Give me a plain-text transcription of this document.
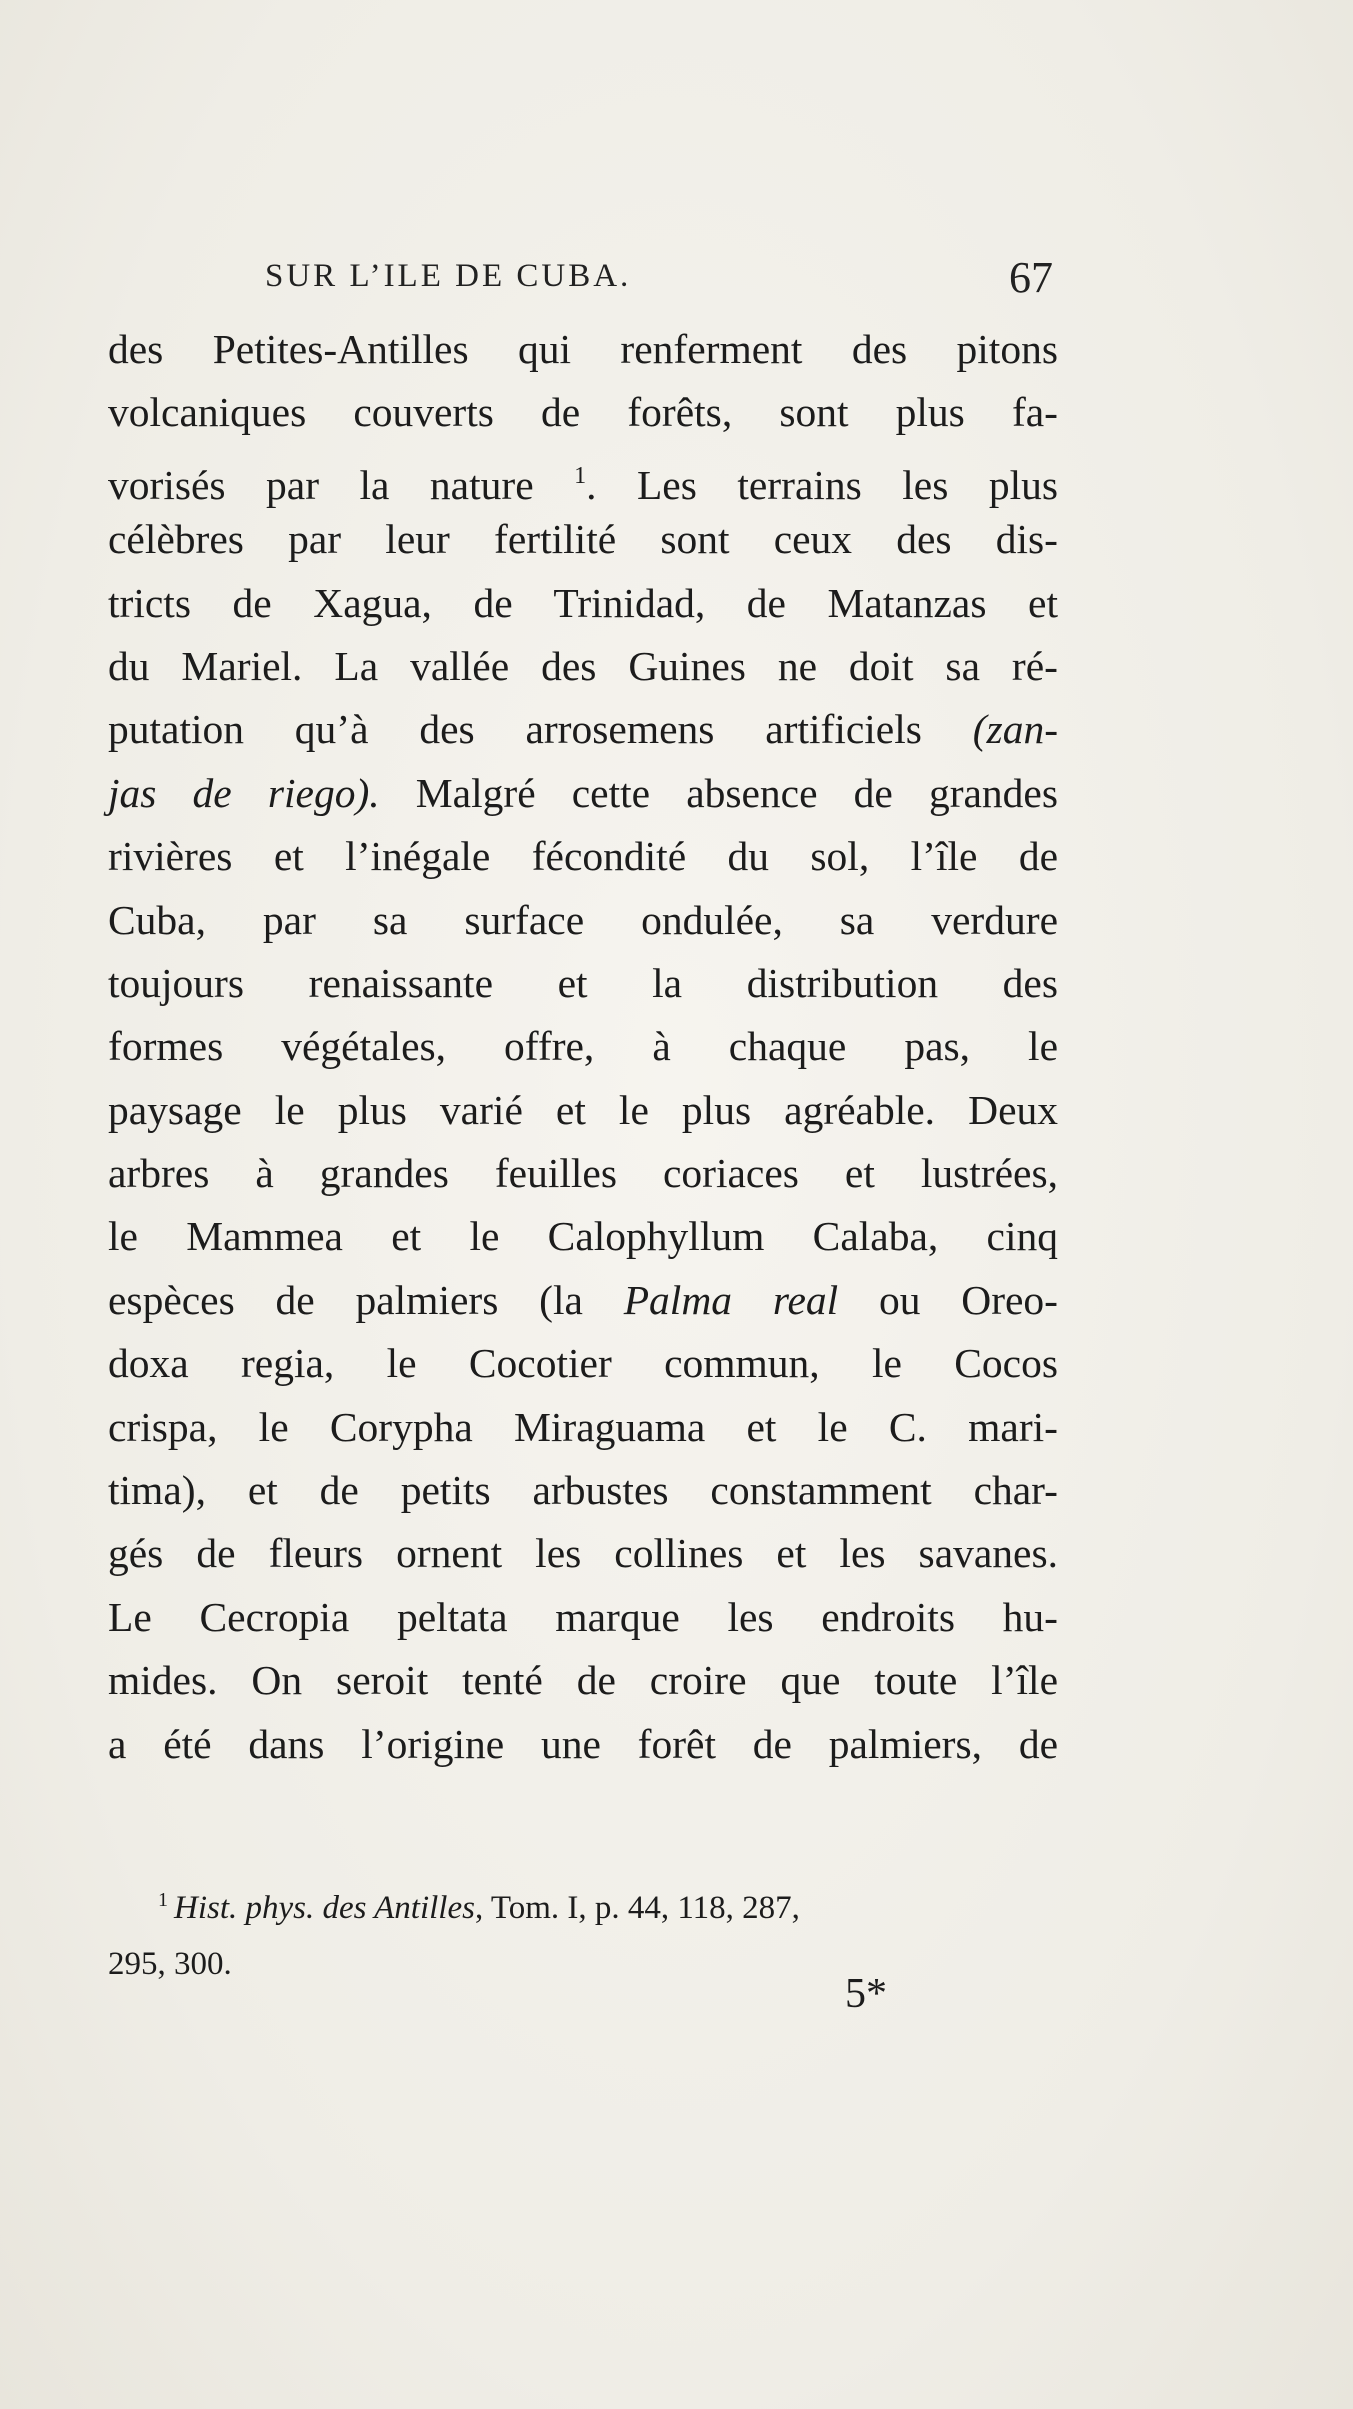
SUR L’ILE DE CUBA.	67
des Petites-Antilles qui renferment des pitons
volcaniques couverts de forêts, sont plus fa-
vorisés par la nature $^1$. Les terrains les plus
célèbres par leur fertilité sont ceux des dis-
tricts de Xagua, de Trinidad, de Matanzas et
du Mariel. La vallée des Guines ne doit sa ré-
putation qu’à des arrosemens artificiels (zan-
jas de riego). Malgré cette absence de grandes
rivières et l’inégale fécondité du sol, l’île de
Cuba, par sa surface ondulée, sa verdure
toujours renaissante et la distribution des
formes végétales, offre, à chaque pas, le
paysage le plus varié et le plus agréable. Deux
arbres à grandes feuilles coriaces et lustrées,
le Mammea et le Calophyllum Calaba, cinq
espèces de palmiers (la Palma real ou Oreo-
doxa regia, le Cocotier commun, le Cocos
crispa, le Corypha Miraguama et le C. mari-
tima), et de petits arbustes constamment char-
gés de fleurs ornent les collines et les savanes.
Le Cecropia peltata marque les endroits hu-
mides. On seroit tenté de croire que toute l’île
a été dans l’origine une forêt de palmiers, de
$^1$ Hist. phys. des Antilles, Tom. I, p. 44, 118, 287,
295, 300.
5*
